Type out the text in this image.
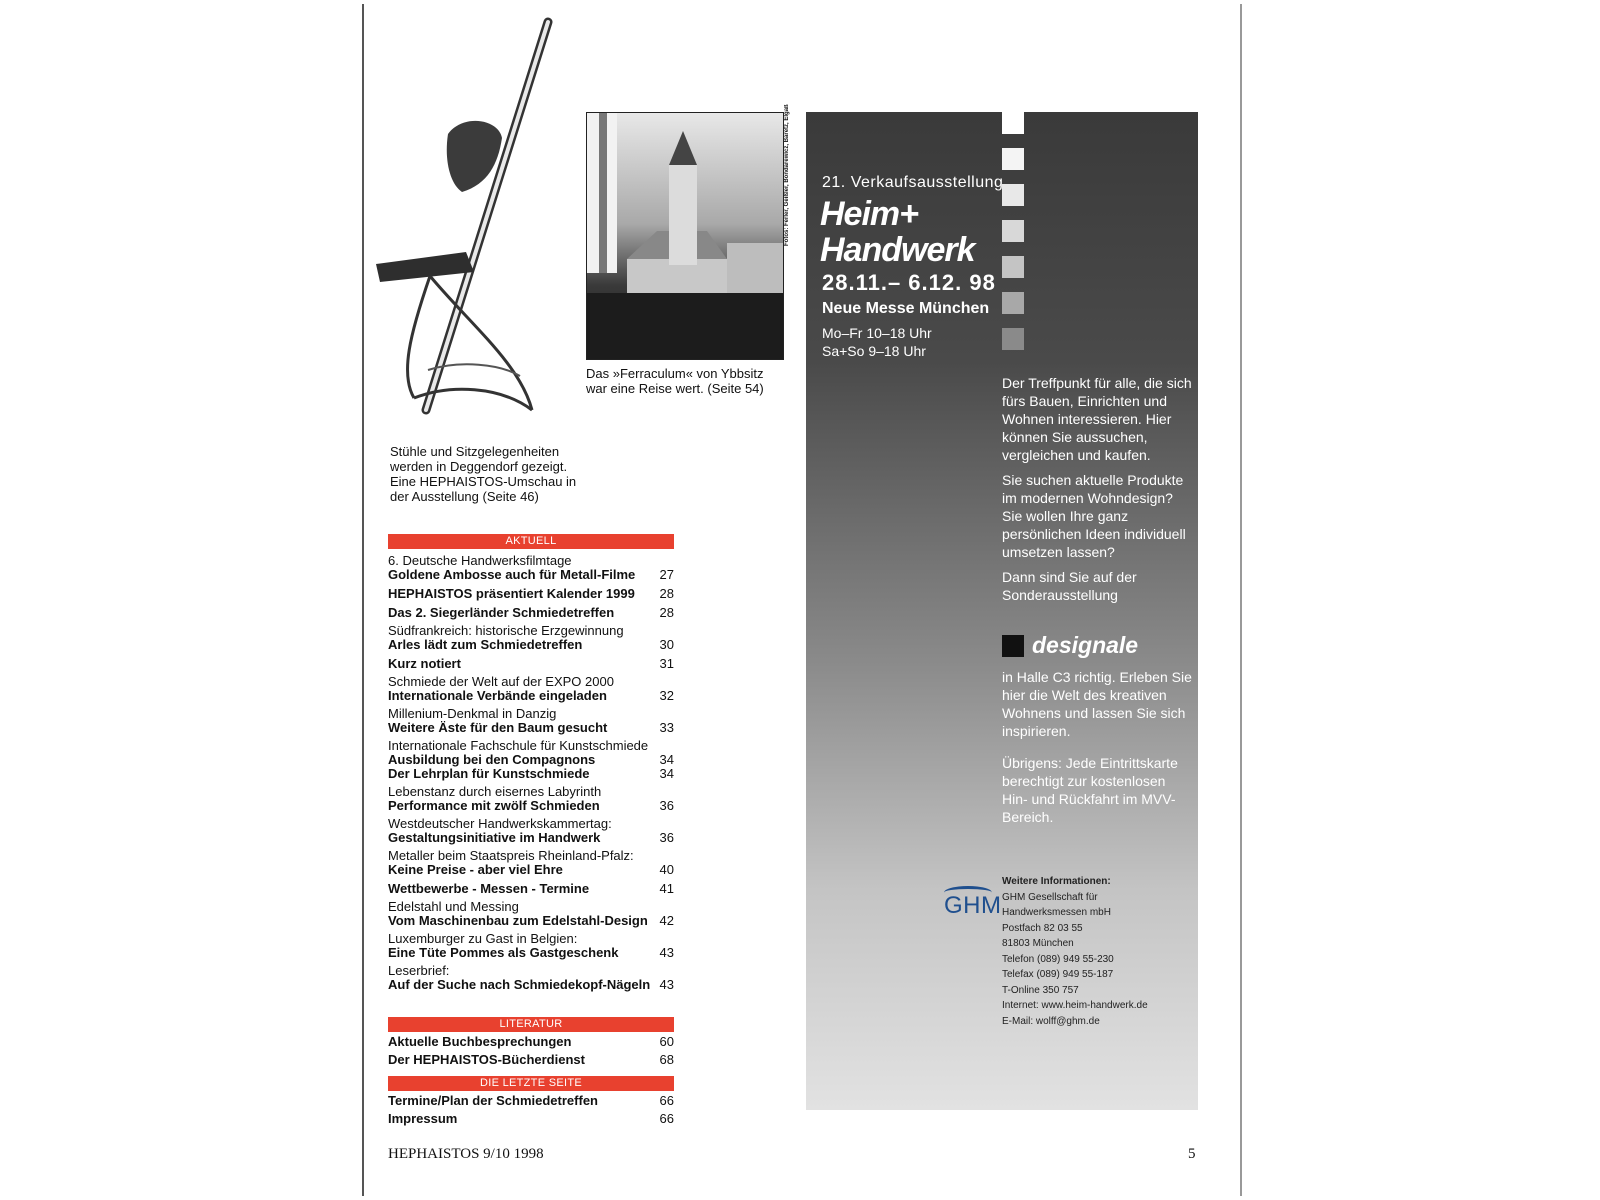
Stühle und Sitzgelegenheiten
werden in Deggendorf gezeigt.
Eine HEPHAISTOS-Umschau in
der Ausstellung (Seite 46)
Fotos: Ferler, Geißler, Bondarewicz, Baretz, Elgaß
Das »Ferraculum« von Ybbsitz
war eine Reise wert. (Seite 54)
AKTUELL
6. Deutsche Handwerksfilmtage
Goldene Ambosse auch für Metall-Filme	27
HEPHAISTOS präsentiert Kalender 1999	28
Das 2. Siegerländer Schmiedetreffen	28
Südfrankreich: historische Erzgewinnung
Arles lädt zum Schmiedetreffen	30
Kurz notiert	31
Schmiede der Welt auf der EXPO 2000
Internationale Verbände eingeladen	32
Millenium-Denkmal in Danzig
Weitere Äste für den Baum gesucht	33
Internationale Fachschule für Kunstschmiede
Ausbildung bei den Compagnons	34
Der Lehrplan für Kunstschmiede	34
Lebenstanz durch eisernes Labyrinth
Performance mit zwölf Schmieden	36
Westdeutscher Handwerkskammertag:
Gestaltungsinitiative im Handwerk	36
Metaller beim Staatspreis Rheinland-Pfalz:
Keine Preise - aber viel Ehre	40
Wettbewerbe - Messen - Termine	41
Edelstahl und Messing
Vom Maschinenbau zum Edelstahl-Design 42
Luxemburger zu Gast in Belgien:
Eine Tüte Pommes als Gastgeschenk	43
Leserbrief:
Auf der Suche nach Schmiedekopf-Nägeln 43
LITERATUR
Aktuelle Buchbesprechungen	60
Der HEPHAISTOS-Bücherdienst	68
DIE LETZTE SEITE
Termine/Plan der Schmiedetreffen	66
Impressum	66
21. Verkaufsausstellung
Heim+
Handwerk
28.11.– 6.12. 98
Neue Messe München
Mo–Fr 10–18 Uhr
Sa+So 9–18 Uhr

Der Treffpunkt für alle, die sich fürs Bauen, Einrichten und Wohnen interessieren. Hier können Sie aussuchen, vergleichen und kaufen.

Sie suchen aktuelle Produkte im modernen Wohndesign? Sie wollen Ihre ganz persönlichen Ideen individuell umsetzen lassen?

Dann sind Sie auf der Sonderausstellung

designale

in Halle C3 richtig. Erleben Sie hier die Welt des kreativen Wohnens und lassen Sie sich inspirieren.

Übrigens: Jede Eintrittskarte berechtigt zur kostenlosen Hin- und Rückfahrt im MVV-Bereich.

GHM
Weitere Informationen:
GHM Gesellschaft für
Handwerksmessen mbH
Postfach 82 03 55
81803 München
Telefon (089) 949 55-230
Telefax (089) 949 55-187
T-Online 350 757
Internet: www.heim-handwerk.de
E-Mail: wolff@ghm.de
HEPHAISTOS 9/10 1998	5
